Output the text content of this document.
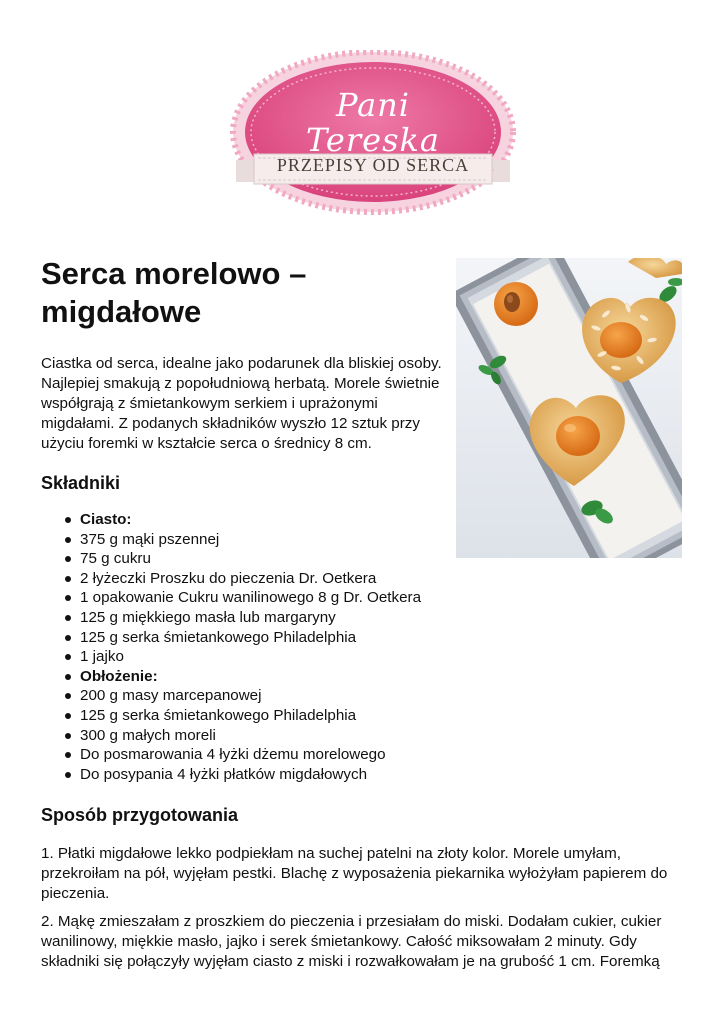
Pani
Tereska
PRZEPISY OD SERCA
Serca morelowo –
migdałowe

Ciastka od serca, idealne jako podarunek dla bliskiej osoby. Najlepiej smakują z popołudniową herbatą. Morele świetnie współgrają z śmietankowym serkiem i uprażonymi migdałami. Z podanych składników wyszło 12 sztuk przy użyciu foremki w kształcie serca o średnicy 8 cm.

Składniki
Ciasto:
375 g mąki pszennej
75 g cukru
2 łyżeczki Proszku do pieczenia Dr. Oetkera
1 opakowanie Cukru wanilinowego 8 g Dr. Oetkera
125 g miękkiego masła lub margaryny
125 g serka śmietankowego Philadelphia
1 jajko
Obłożenie:
200 g masy marcepanowej
125 g serka śmietankowego Philadelphia
300 g małych moreli
Do posmarowania 4 łyżki dżemu morelowego
Do posypania 4 łyżki płatków migdałowych
Sposób przygotowania

1. Płatki migdałowe lekko podpiekłam na suchej patelni na złoty kolor. Morele umyłam, przekroiłam na pół, wyjęłam pestki. Blachę z wyposażenia piekarnika wyłożyłam papierem do pieczenia.

2. Mąkę zmieszałam z proszkiem do pieczenia i przesiałam do miski. Dodałam cukier, cukier wanilinowy, miękkie masło, jajko i serek śmietankowy. Całość miksowałam 2 minuty. Gdy składniki się połączyły wyjęłam ciasto z miski i rozwałkowałam je na grubość 1 cm. Foremką
